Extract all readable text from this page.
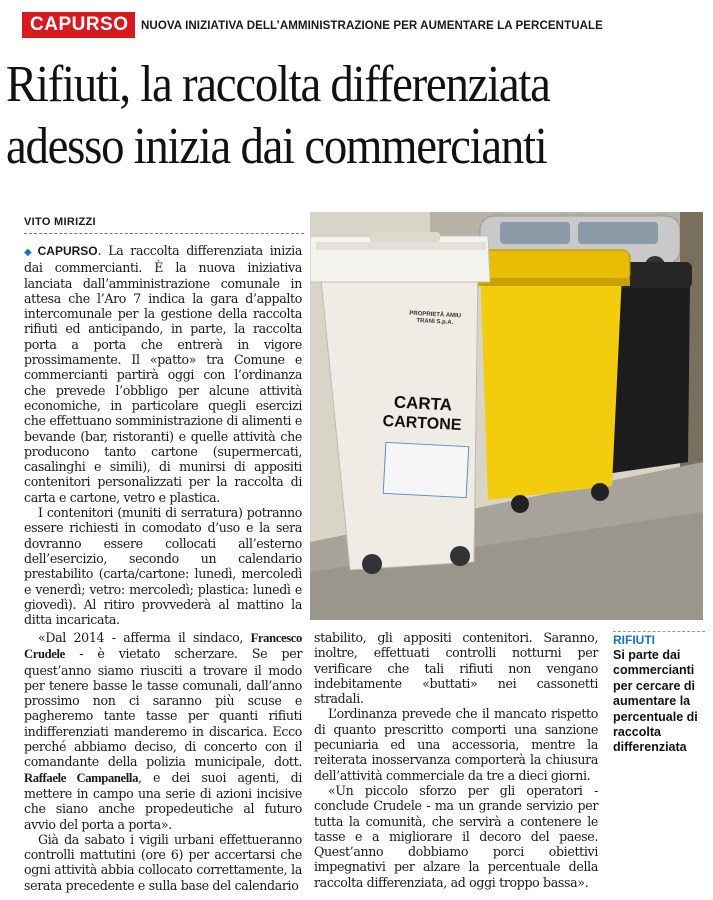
CAPURSO NUOVA INIZIATIVA DELL’AMMINISTRAZIONE PER AUMENTARE LA PERCENTUALE
Rifiuti, la raccolta differenziata
adesso inizia dai commercianti
VITO MIRIZZI
PROPRIETÀ AMIU TRANI S.p.A.
CARTA
CARTONE

◆ CAPURSO. La raccolta differenziata inizia dai commercianti. È la nuova iniziativa lanciata dall’amministrazione comunale in attesa che l’Aro 7 indica la gara d’appalto intercomunale per la gestione della raccolta rifiuti ed anticipando, in parte, la raccolta porta a porta che entrerà in vigore prossimamente. Il «patto» tra Comune e commercianti partirà oggi con l’ordinanza che prevede l’obbligo per alcune attività economiche, in particolare quegli esercizi che effettuano somministrazione di alimenti e bevande (bar, ristoranti) e quelle attività che producono tanto cartone (supermercati, casalinghi e simili), di munirsi di appositi contenitori personalizzati per la raccolta di carta e cartone, vetro e plastica.

I contenitori (muniti di serratura) potranno essere richiesti in comodato d’uso e la sera dovranno essere collocati all’esterno dell’esercizio, secondo un calendario prestabilito (carta/cartone: lunedì, mercoledì e venerdì; vetro: mercoledì; plastica: lunedì e giovedì). Al ritiro provvederà al mattino la ditta incaricata.

«Dal 2014 - afferma il sindaco, Francesco Crudele - è vietato scherzare. Se per quest’anno siamo riusciti a trovare il modo per tenere basse le tasse comunali, dall’anno prossimo non ci saranno più scuse e pagheremo tante tasse per quanti rifiuti indifferenziati manderemo in discarica. Ecco perché abbiamo deciso, di concerto con il comandante della polizia municipale, dott. Raffaele Campanella, e dei suoi agenti, di mettere in campo una serie di azioni incisive che siano anche propedeutiche al futuro avvio del porta a porta».

Già da sabato i vigili urbani effettueranno controlli mattutini (ore 6) per accertarsi che ogni attività abbia collocato correttamente, la serata precedente e sulla base del calendario

stabilito, gli appositi contenitori. Saranno, inoltre, effettuati controlli notturni per verificare che tali rifiuti non vengano indebitamente «buttati» nei cassonetti stradali.

L’ordinanza prevede che il mancato rispetto di quanto prescritto comporti una sanzione pecuniaria ed una accessoria, mentre la reiterata inosservanza comporterà la chiusura dell’attività commerciale da tre a dieci giorni.

«Un piccolo sforzo per gli operatori - conclude Crudele - ma un grande servizio per tutta la comunità, che servirà a contenere le tasse e a migliorare il decoro del paese. Quest’anno dobbiamo porci obiettivi impegnativi per alzare la percentuale della raccolta differenziata, ad oggi troppo bassa».

RIFIUTI
Si parte dai commercianti per cercare di aumentare la percentuale di raccolta differenziata
